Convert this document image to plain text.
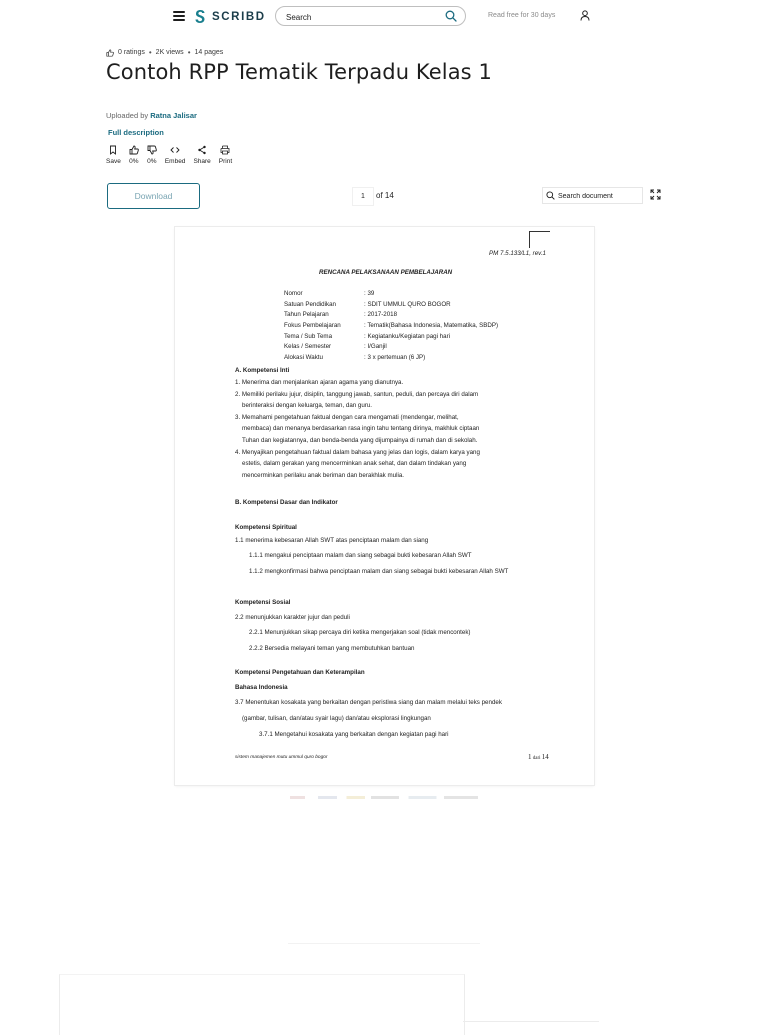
SCRIBD
Search	Read free for 30 days
0 ratings • 2K views • 14 pages
Contoh RPP Tematik Terpadu Kelas 1
Uploaded by Ratna Jalisar
Full description
Save 0% 0% Embed Share Print
Download
1	of 14
Search document
PM 7.5.133/L1, rev.1
RENCANA PELAKSANAAN PEMBELAJARAN
Nomor	: 39
Satuan Pendidikan	: SDIT UMMUL QURO BOGOR
Tahun Pelajaran	: 2017-2018
Fokus Pembelajaran	: Tematik(Bahasa Indonesia, Matematika, SBDP)
Tema / Sub Tema	: Kegiatanku/Kegiatan pagi hari
Kelas / Semester	: I/Ganjil
Alokasi Waktu	: 3 x pertemuan (6 JP)
A. Kompetensi Inti
1. Menerima dan menjalankan ajaran agama yang dianutnya.
2. Memiliki perilaku jujur, disiplin, tanggung jawab, santun, peduli, dan percaya diri dalam
berinteraksi dengan keluarga, teman, dan guru.
3. Memahami pengetahuan faktual dengan cara mengamati (mendengar, melihat,
membaca) dan menanya berdasarkan rasa ingin tahu tentang dirinya, makhluk ciptaan
Tuhan dan kegiatannya, dan benda-benda yang dijumpainya di rumah dan di sekolah.
4. Menyajikan pengetahuan faktual dalam bahasa yang jelas dan logis, dalam karya yang
estetis, dalam gerakan yang mencerminkan anak sehat, dan dalam tindakan yang
mencerminkan perilaku anak beriman dan berakhlak mulia.
B. Kompetensi Dasar dan Indikator
Kompetensi Spiritual
1.1 menerima kebesaran Allah SWT atas penciptaan malam dan siang
1.1.1 mengakui penciptaan malam dan siang sebagai bukti kebesaran Allah SWT
1.1.2 mengkonfirmasi bahwa penciptaan malam dan siang sebagai bukti kebesaran Allah SWT
Kompetensi Sosial
2.2 menunjukkan karakter jujur dan peduli
2.2.1 Menunjukkan sikap percaya diri ketika mengerjakan soal (tidak mencontek)
2.2.2 Bersedia melayani teman yang membutuhkan bantuan
Kompetensi Pengetahuan dan Keterampilan
Bahasa Indonesia
3.7 Menentukan kosakata yang berkaitan dengan peristiwa siang dan malam melalui teks pendek
(gambar, tulisan, dan/atau syair lagu) dan/atau eksplorasi lingkungan
3.7.1 Mengetahui kosakata yang berkaitan dengan kegiatan pagi hari
sistem manajemen mutu ummul quro bogor	1 dari 14
